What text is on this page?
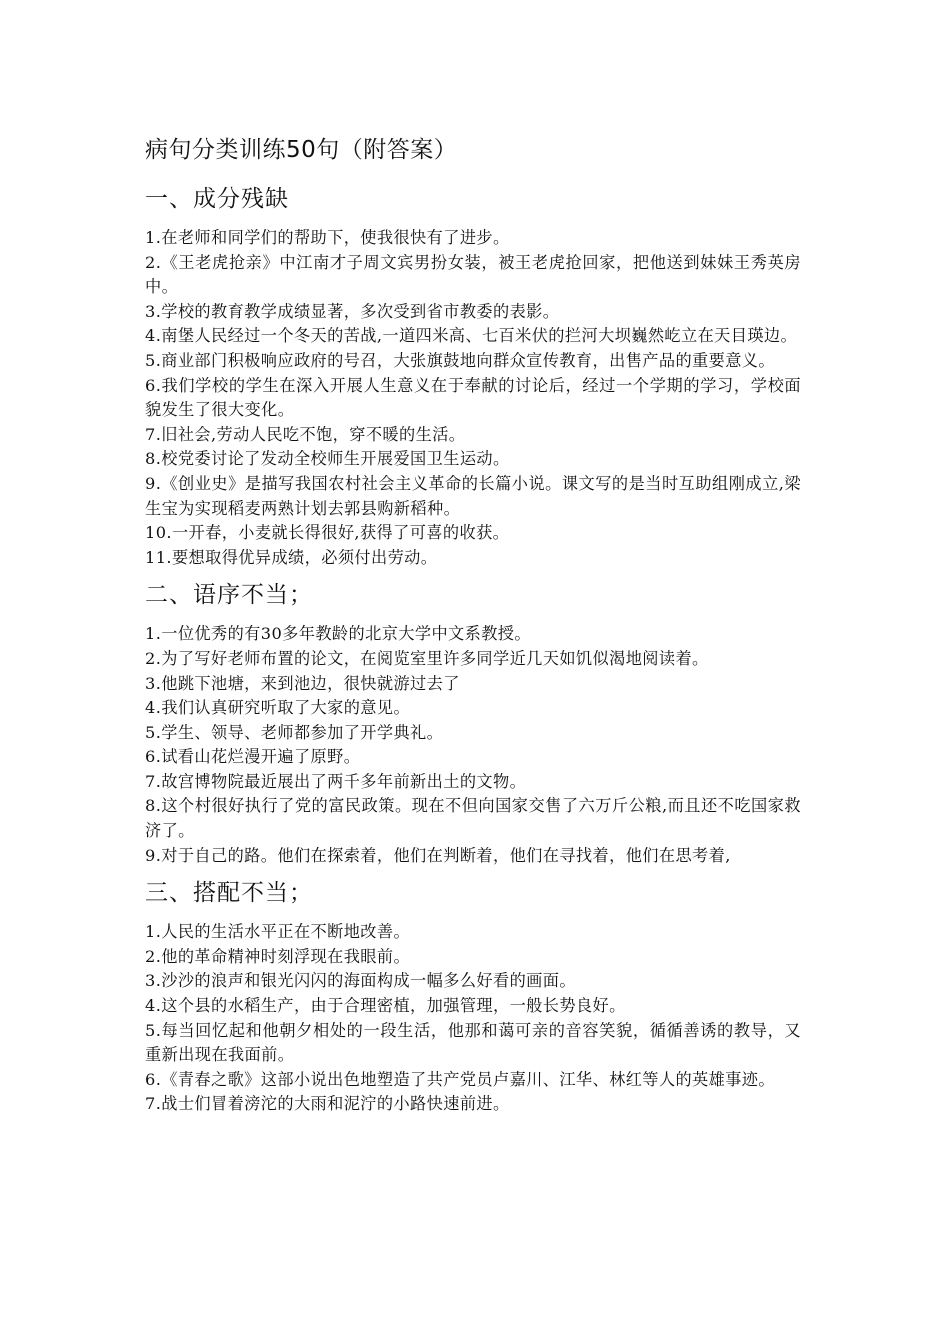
病句分类训练50句（附答案）
一、成分残缺
1.在老师和同学们的帮助下，使我很快有了进步。
2.《王老虎抢亲》中江南才子周文宾男扮女装，被王老虎抢回家，把他送到妹妹王秀英房中。
3.学校的教育教学成绩显著，多次受到省市教委的表影。
4.南堡人民经过一个冬天的苦战,一道四米高、七百米伏的拦河大坝巍然屹立在天目瑛边。
5.商业部门积极响应政府的号召，大张旗鼓地向群众宣传教育，出售产品的重要意义。
6.我们学校的学生在深入开展人生意义在于奉献的讨论后，经过一个学期的学习，学校面貌发生了很大变化。
7.旧社会,劳动人民吃不饱，穿不暖的生活。
8.校党委讨论了发动全校师生开展爱国卫生运动。
9.《创业史》是描写我国农村社会主义革命的长篇小说。课文写的是当时互助组刚成立,梁生宝为实现稻麦两熟计划去郭县购新稻种。
10.一开春，小麦就长得很好,获得了可喜的收获。
11.要想取得优异成绩，必须付出劳动。
二、语序不当；
1.一位优秀的有30多年教龄的北京大学中文系教授。
2.为了写好老师布置的论文，在阅览室里许多同学近几天如饥似渴地阅读着。
3.他跳下池塘，来到池边，很快就游过去了
4.我们认真研究听取了大家的意见。
5.学生、领导、老师都参加了开学典礼。
6.试看山花烂漫开遍了原野。
7.故宫博物院最近展出了两千多年前新出土的文物。
8.这个村很好执行了党的富民政策。现在不但向国家交售了六万斤公粮,而且还不吃国家救济了。
9.对于自己的路。他们在探索着，他们在判断着，他们在寻找着，他们在思考着,
三、搭配不当；
1.人民的生活水平正在不断地改善。
2.他的革命精神时刻浮现在我眼前。
3.沙沙的浪声和银光闪闪的海面构成一幅多么好看的画面。
4.这个县的水稻生产，由于合理密植，加强管理，一般长势良好。
5.每当回忆起和他朝夕相处的一段生活，他那和蔼可亲的音容笑貌，循循善诱的教导，又重新出现在我面前。
6.《青春之歌》这部小说出色地塑造了共产党员卢嘉川、江华、林红等人的英雄事迹。
7.战士们冒着滂沱的大雨和泥泞的小路快速前进。
